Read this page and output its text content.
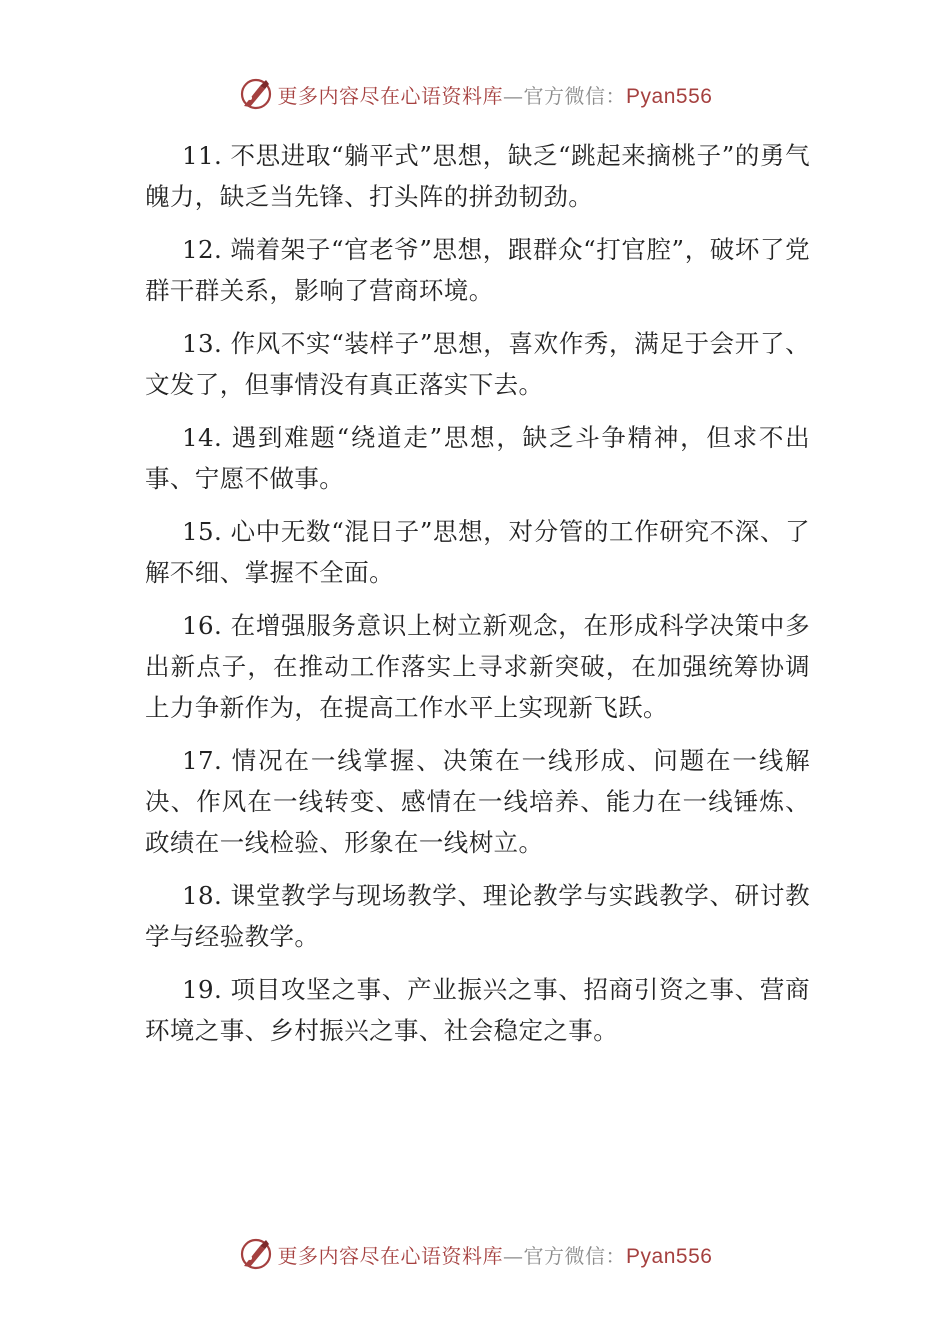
更多内容尽在心语资料库—官方微信：Pyan556

11. 不思进取“躺平式”思想，缺乏“跳起来摘桃子”的勇气魄力，缺乏当先锋、打头阵的拼劲韧劲。

12. 端着架子“官老爷”思想，跟群众“打官腔”，破坏了党群干群关系，影响了营商环境。

13. 作风不实“装样子”思想，喜欢作秀，满足于会开了、文发了，但事情没有真正落实下去。

14. 遇到难题“绕道走”思想，缺乏斗争精神，但求不出事、宁愿不做事。

15. 心中无数“混日子”思想，对分管的工作研究不深、了解不细、掌握不全面。

16. 在增强服务意识上树立新观念，在形成科学决策中多出新点子，在推动工作落实上寻求新突破，在加强统筹协调上力争新作为，在提高工作水平上实现新飞跃。

17. 情况在一线掌握、决策在一线形成、问题在一线解决、作风在一线转变、感情在一线培养、能力在一线锤炼、政绩在一线检验、形象在一线树立。

18. 课堂教学与现场教学、理论教学与实践教学、研讨教学与经验教学。

19. 项目攻坚之事、产业振兴之事、招商引资之事、营商环境之事、乡村振兴之事、社会稳定之事。

更多内容尽在心语资料库—官方微信：Pyan556
